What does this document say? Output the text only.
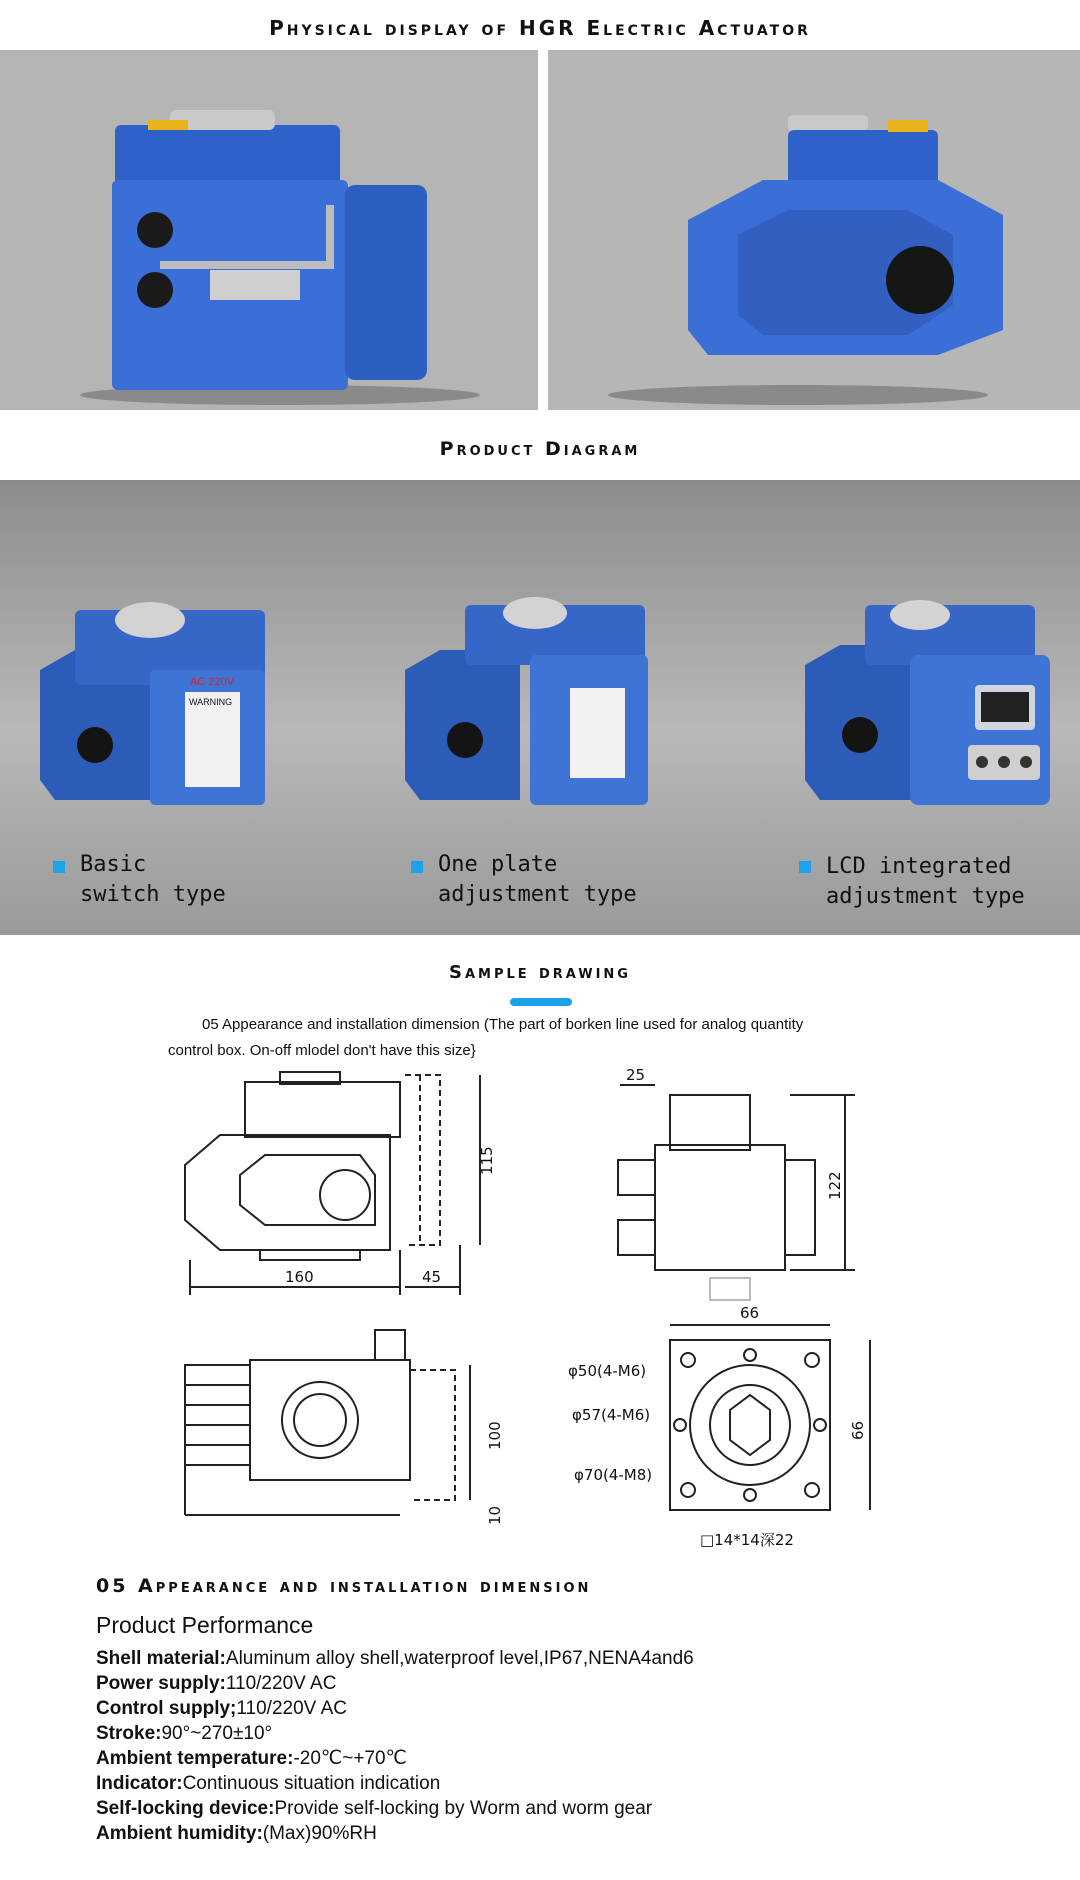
Physical display of HGR Electric Actuator
Product Diagram
AC 220V
WARNING
Basic
switch type
One plate
adjustment type
LCD integrated
adjustment type
Sample drawing
05 Appearance and installation dimension (The part of borken line used for analog quantity
control box. On-off mlodel don't have this size}
160	45
115
25
122
100
10
66
66
φ50(4-M6)
φ57(4-M6)
φ70(4-M8)
□14*14深22
05 Appearance and installation dimension
Product Performance
Shell material:Aluminum alloy shell,waterproof level,IP67,NENA4and6
Power supply:110/220V AC
Control supply;110/220V AC
Stroke:90°~270±10°
Ambient temperature:-20℃~+70℃
Indicator:Continuous situation indication
Self-locking device:Provide self-locking by Worm and worm gear
Ambient humidity:(Max)90%RH
